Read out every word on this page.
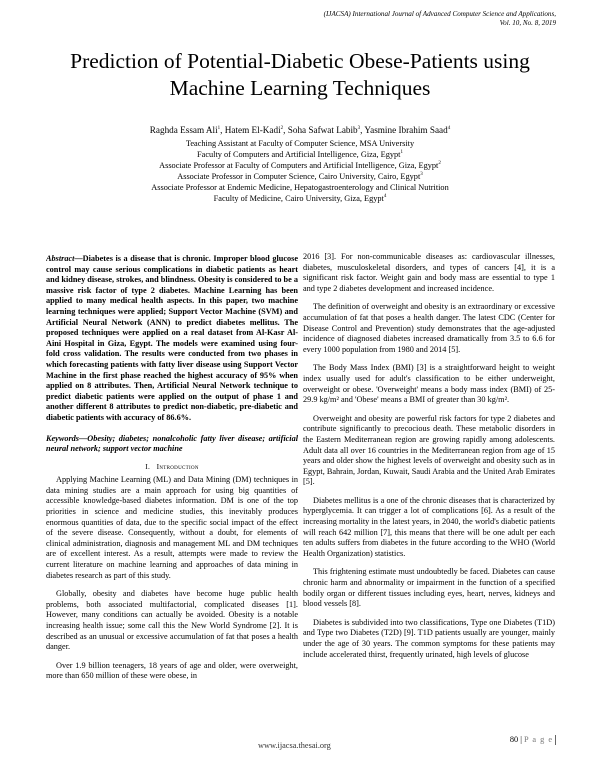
(IJACSA) International Journal of Advanced Computer Science and Applications,
Vol. 10, No. 8, 2019
Prediction of Potential-Diabetic Obese-Patients using
Machine Learning Techniques
Raghda Essam Ali$^1$, Hatem El-Kadi$^2$, Soha Safwat Labib$^3$, Yasmine Ibrahim Saad$^4$
Teaching Assistant at Faculty of Computer Science, MSA University
Faculty of Computers and Artificial Intelligence, Giza, Egypt$^1$
Associate Professor at Faculty of Computers and Artificial Intelligence, Giza, Egypt$^2$
Associate Professor in Computer Science, Cairo University, Cairo, Egypt$^3$
Associate Professor at Endemic Medicine, Hepatogastroenterology and Clinical Nutrition
Faculty of Medicine, Cairo University, Giza, Egypt$^4$

Abstract—Diabetes is a disease that is chronic. Improper blood glucose control may cause serious complications in diabetic patients as heart and kidney disease, strokes, and blindness. Obesity is considered to be a massive risk factor of type 2 diabetes. Machine Learning has been applied to many medical health aspects. In this paper, two machine learning techniques were applied; Support Vector Machine (SVM) and Artificial Neural Network (ANN) to predict diabetes mellitus. The proposed techniques were applied on a real dataset from Al-Kasr Al-Aini Hospital in Giza, Egypt. The models were examined using four-fold cross validation. The results were conducted from two phases in which forecasting patients with fatty liver disease using Support Vector Machine in the first phase reached the highest accuracy of 95% when applied on 8 attributes. Then, Artificial Neural Network technique to predict diabetic patients were applied on the output of phase 1 and another different 8 attributes to predict non-diabetic, pre-diabetic and diabetic patients with accuracy of 86.6%.

Keywords—Obesity; diabetes; nonalcoholic fatty liver disease; artificial neural network; support vector machine

I. Introduction

Applying Machine Learning (ML) and Data Mining (DM) techniques in data mining studies are a main approach for using big quantities of accessible knowledge-based diabetes information. DM is one of the top priorities in science and medicine studies, this inevitably produces enormous quantities of data, due to the specific social impact of the effect of the severe disease. Consequently, without a doubt, for elements of clinical administration, diagnosis and management ML and DM techniques are of excellent interest. As a result, attempts were made to review the current literature on machine learning and approaches of data mining in diabetes research as part of this study.

Globally, obesity and diabetes have become huge public health problems, both associated multifactorial, complicated diseases [1]. However, many conditions can actually be avoided. Obesity is a notable increasing health issue; some call this the New World Syndrome [2]. It is described as an unusual or excessive accumulation of fat that poses a health danger.

Over 1.9 billion teenagers, 18 years of age and older, were overweight, more than 650 million of these were obese, in

2016 [3]. For non-communicable diseases as: cardiovascular illnesses, diabetes, musculoskeletal disorders, and types of cancers [4], it is a significant risk factor. Weight gain and body mass are essential to type 1 and type 2 diabetes development and increased incidence.

The definition of overweight and obesity is an extraordinary or excessive accumulation of fat that poses a health danger. The latest CDC (Center for Disease Control and Prevention) study demonstrates that the age-adjusted incidence of diagnosed diabetes increased dramatically from 3.5 to 6.6 for every 1000 population from 1980 and 2014 [5].

The Body Mass Index (BMI) [3] is a straightforward height to weight index usually used for adult's classification to be either underweight, overweight or obese. 'Overweight' means a body mass index (BMI) of 25-29.9 kg/m² and 'Obese' means a BMI of greater than 30 kg/m².

Overweight and obesity are powerful risk factors for type 2 diabetes and contribute significantly to precocious death. These metabolic disorders in the Eastern Mediterranean region are growing rapidly among adolescents. Adult data all over 16 countries in the Mediterranean region from age of 15 years and older show the highest levels of overweight and obesity such as in Egypt, Bahrain, Jordan, Kuwait, Saudi Arabia and the United Arab Emirates [5].

Diabetes mellitus is a one of the chronic diseases that is characterized by hyperglycemia. It can trigger a lot of complications [6]. As a result of the increasing mortality in the latest years, in 2040, the world's diabetic patients will reach 642 million [7], this means that there will be one adult per each ten adults suffers from diabetes in the future according to the WHO (World Health Organization) statistics.

This frightening estimate must undoubtedly be faced. Diabetes can cause chronic harm and abnormality or impairment in the function of a specified bodily organ or different tissues including eyes, heart, nerves, kidneys and blood vessels [8].

Diabetes is subdivided into two classifications, Type one Diabetes (T1D) and Type two Diabetes (T2D) [9]. T1D patients usually are younger, mainly under the age of 30 years. The common symptoms for these patients may include accelerated thirst, frequently urinated, high levels of glucose

www.ijacsa.thesai.org
80 | P a g e
